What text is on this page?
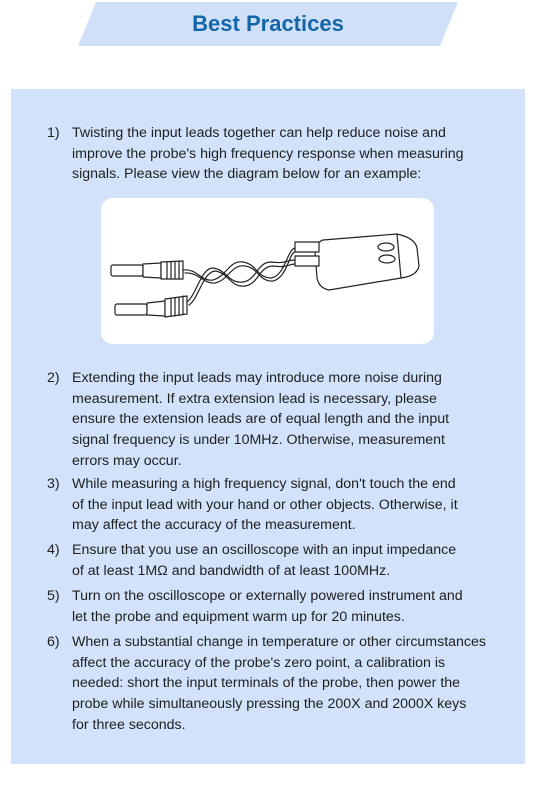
Best Practices
1) Twisting the input leads together can help reduce noise and
improve the probe's high frequency response when measuring
signals. Please view the diagram below for an example:
2) Extending the input leads may introduce more noise during
measurement. If extra extension lead is necessary, please
ensure the extension leads are of equal length and the input
signal frequency is under 10MHz. Otherwise, measurement
errors may occur.
3) While measuring a high frequency signal, don't touch the end
of the input lead with your hand or other objects. Otherwise, it
may affect the accuracy of the measurement.
4) Ensure that you use an oscilloscope with an input impedance
of at least 1MΩ and bandwidth of at least 100MHz.
5) Turn on the oscilloscope or externally powered instrument and
let the probe and equipment warm up for 20 minutes.
6) When a substantial change in temperature or other circumstances
affect the accuracy of the probe's zero point, a calibration is
needed: short the input terminals of the probe, then power the
probe while simultaneously pressing the 200X and 2000X keys
for three seconds.
